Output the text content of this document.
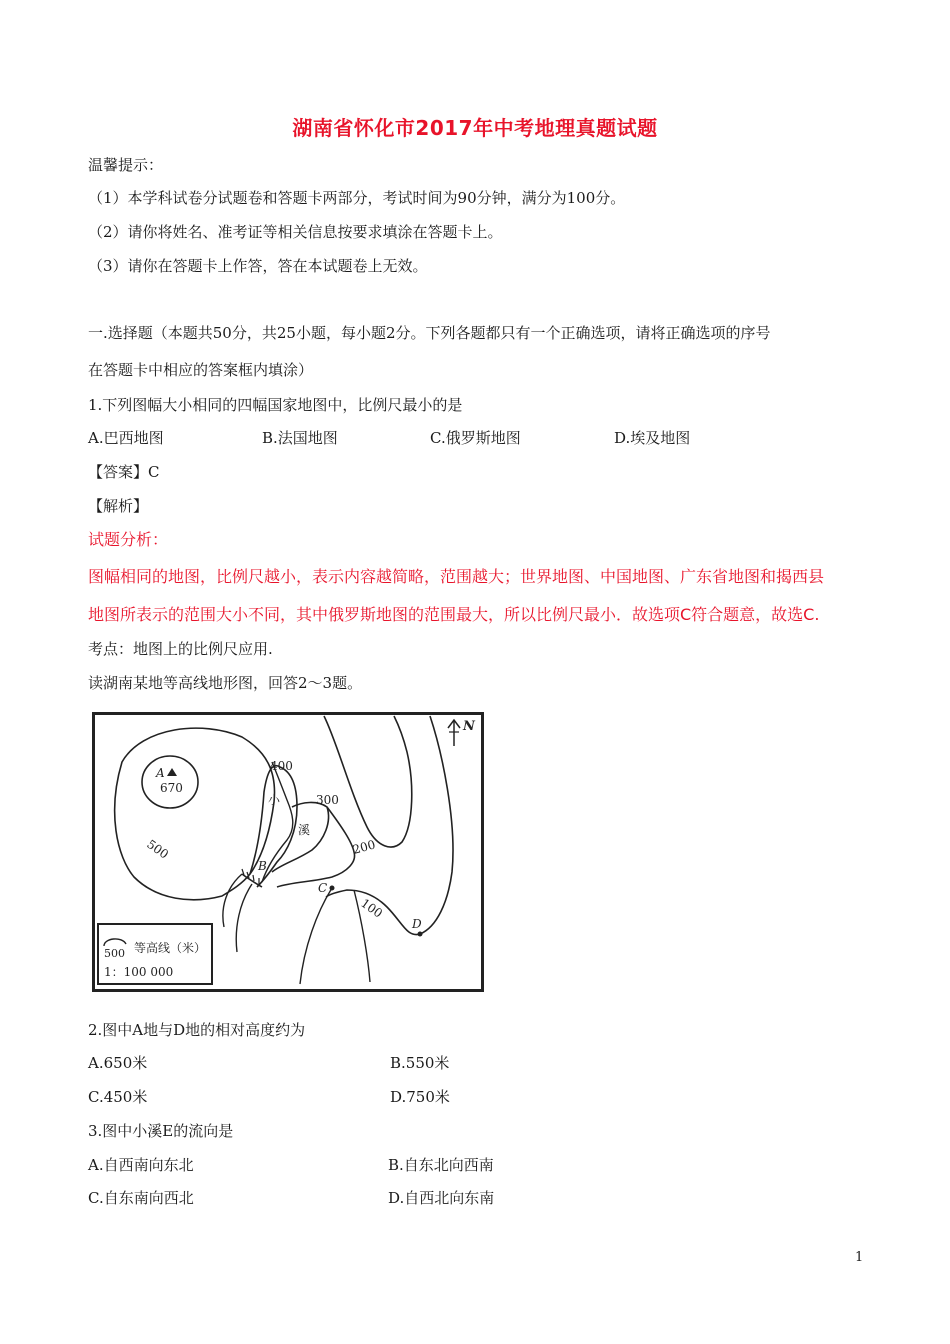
湖南省怀化市2017年中考地理真题试题
温馨提示：
（1）本学科试卷分试题卷和答题卡两部分，考试时间为90分钟，满分为100分。
（2）请你将姓名、准考证等相关信息按要求填涂在答题卡上。
（3）请你在答题卡上作答，答在本试题卷上无效。
一.选择题（本题共50分，共25小题，每小题2分。下列各题都只有一个正确选项，请将正确选项的序号
在答题卡中相应的答案框内填涂）
1.下列图幅大小相同的四幅国家地图中，比例尺最小的是
A.巴西地图	B.法国地图	C.俄罗斯地图	D.埃及地图
【答案】C
【解析】
试题分析：
图幅相同的地图，比例尺越小，表示内容越简略，范围越大；世界地图、中国地图、广东省地图和揭西县
地图所表示的范围大小不同，其中俄罗斯地图的范围最大，所以比例尺最小．故选项C符合题意，故选C.
考点：地图上的比例尺应用.
读湖南某地等高线地形图，回答2～3题。
N
A
670
500
400
300
200
100
小
溪
B
C
D
500 等高线（米）
1：100 000
2.图中A地与D地的相对高度约为
A.650米	B.550米
C.450米	D.750米
3.图中小溪E的流向是
A.自西南向东北	B.自东北向西南
C.自东南向西北	D.自西北向东南
1
